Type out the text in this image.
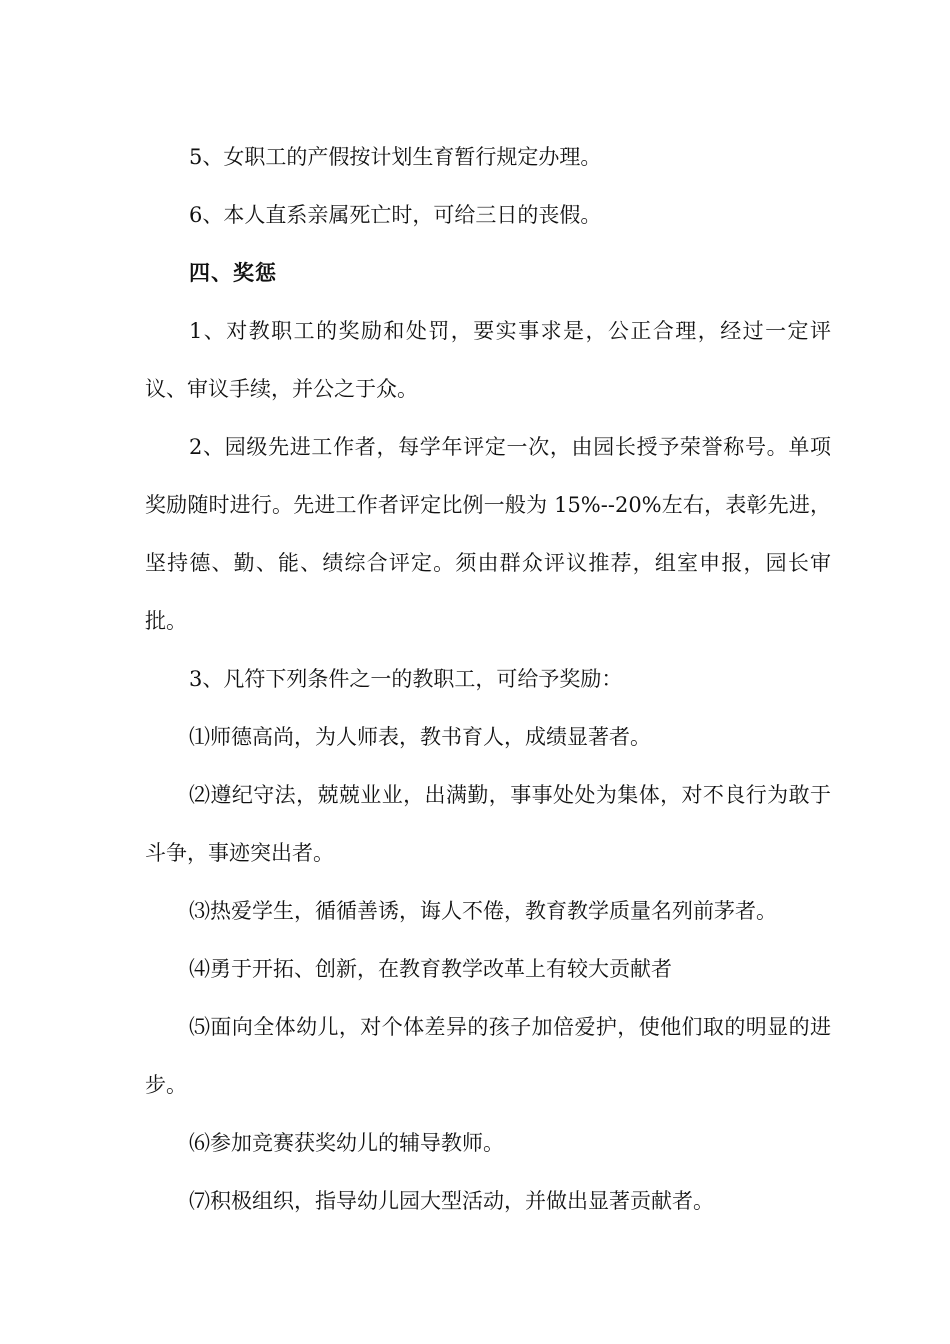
5、女职工的产假按计划生育暂行规定办理。

6、本人直系亲属死亡时，可给三日的丧假。

四、奖惩

1、对教职工的奖励和处罚，要实事求是，公正合理，经过一定评议、审议手续，并公之于众。

2、园级先进工作者，每学年评定一次，由园长授予荣誉称号。单项奖励随时进行。先进工作者评定比例一般为 15%--20%左右，表彰先进，坚持德、勤、能、绩综合评定。须由群众评议推荐，组室申报，园长审批。

3、凡符下列条件之一的教职工，可给予奖励：

⑴师德高尚，为人师表，教书育人，成绩显著者。

⑵遵纪守法，兢兢业业，出满勤，事事处处为集体，对不良行为敢于斗争，事迹突出者。

⑶热爱学生，循循善诱，诲人不倦，教育教学质量名列前茅者。

⑷勇于开拓、创新，在教育教学改革上有较大贡献者

⑸面向全体幼儿，对个体差异的孩子加倍爱护，使他们取的明显的进步。

⑹参加竞赛获奖幼儿的辅导教师。

⑺积极组织，指导幼儿园大型活动，并做出显著贡献者。
